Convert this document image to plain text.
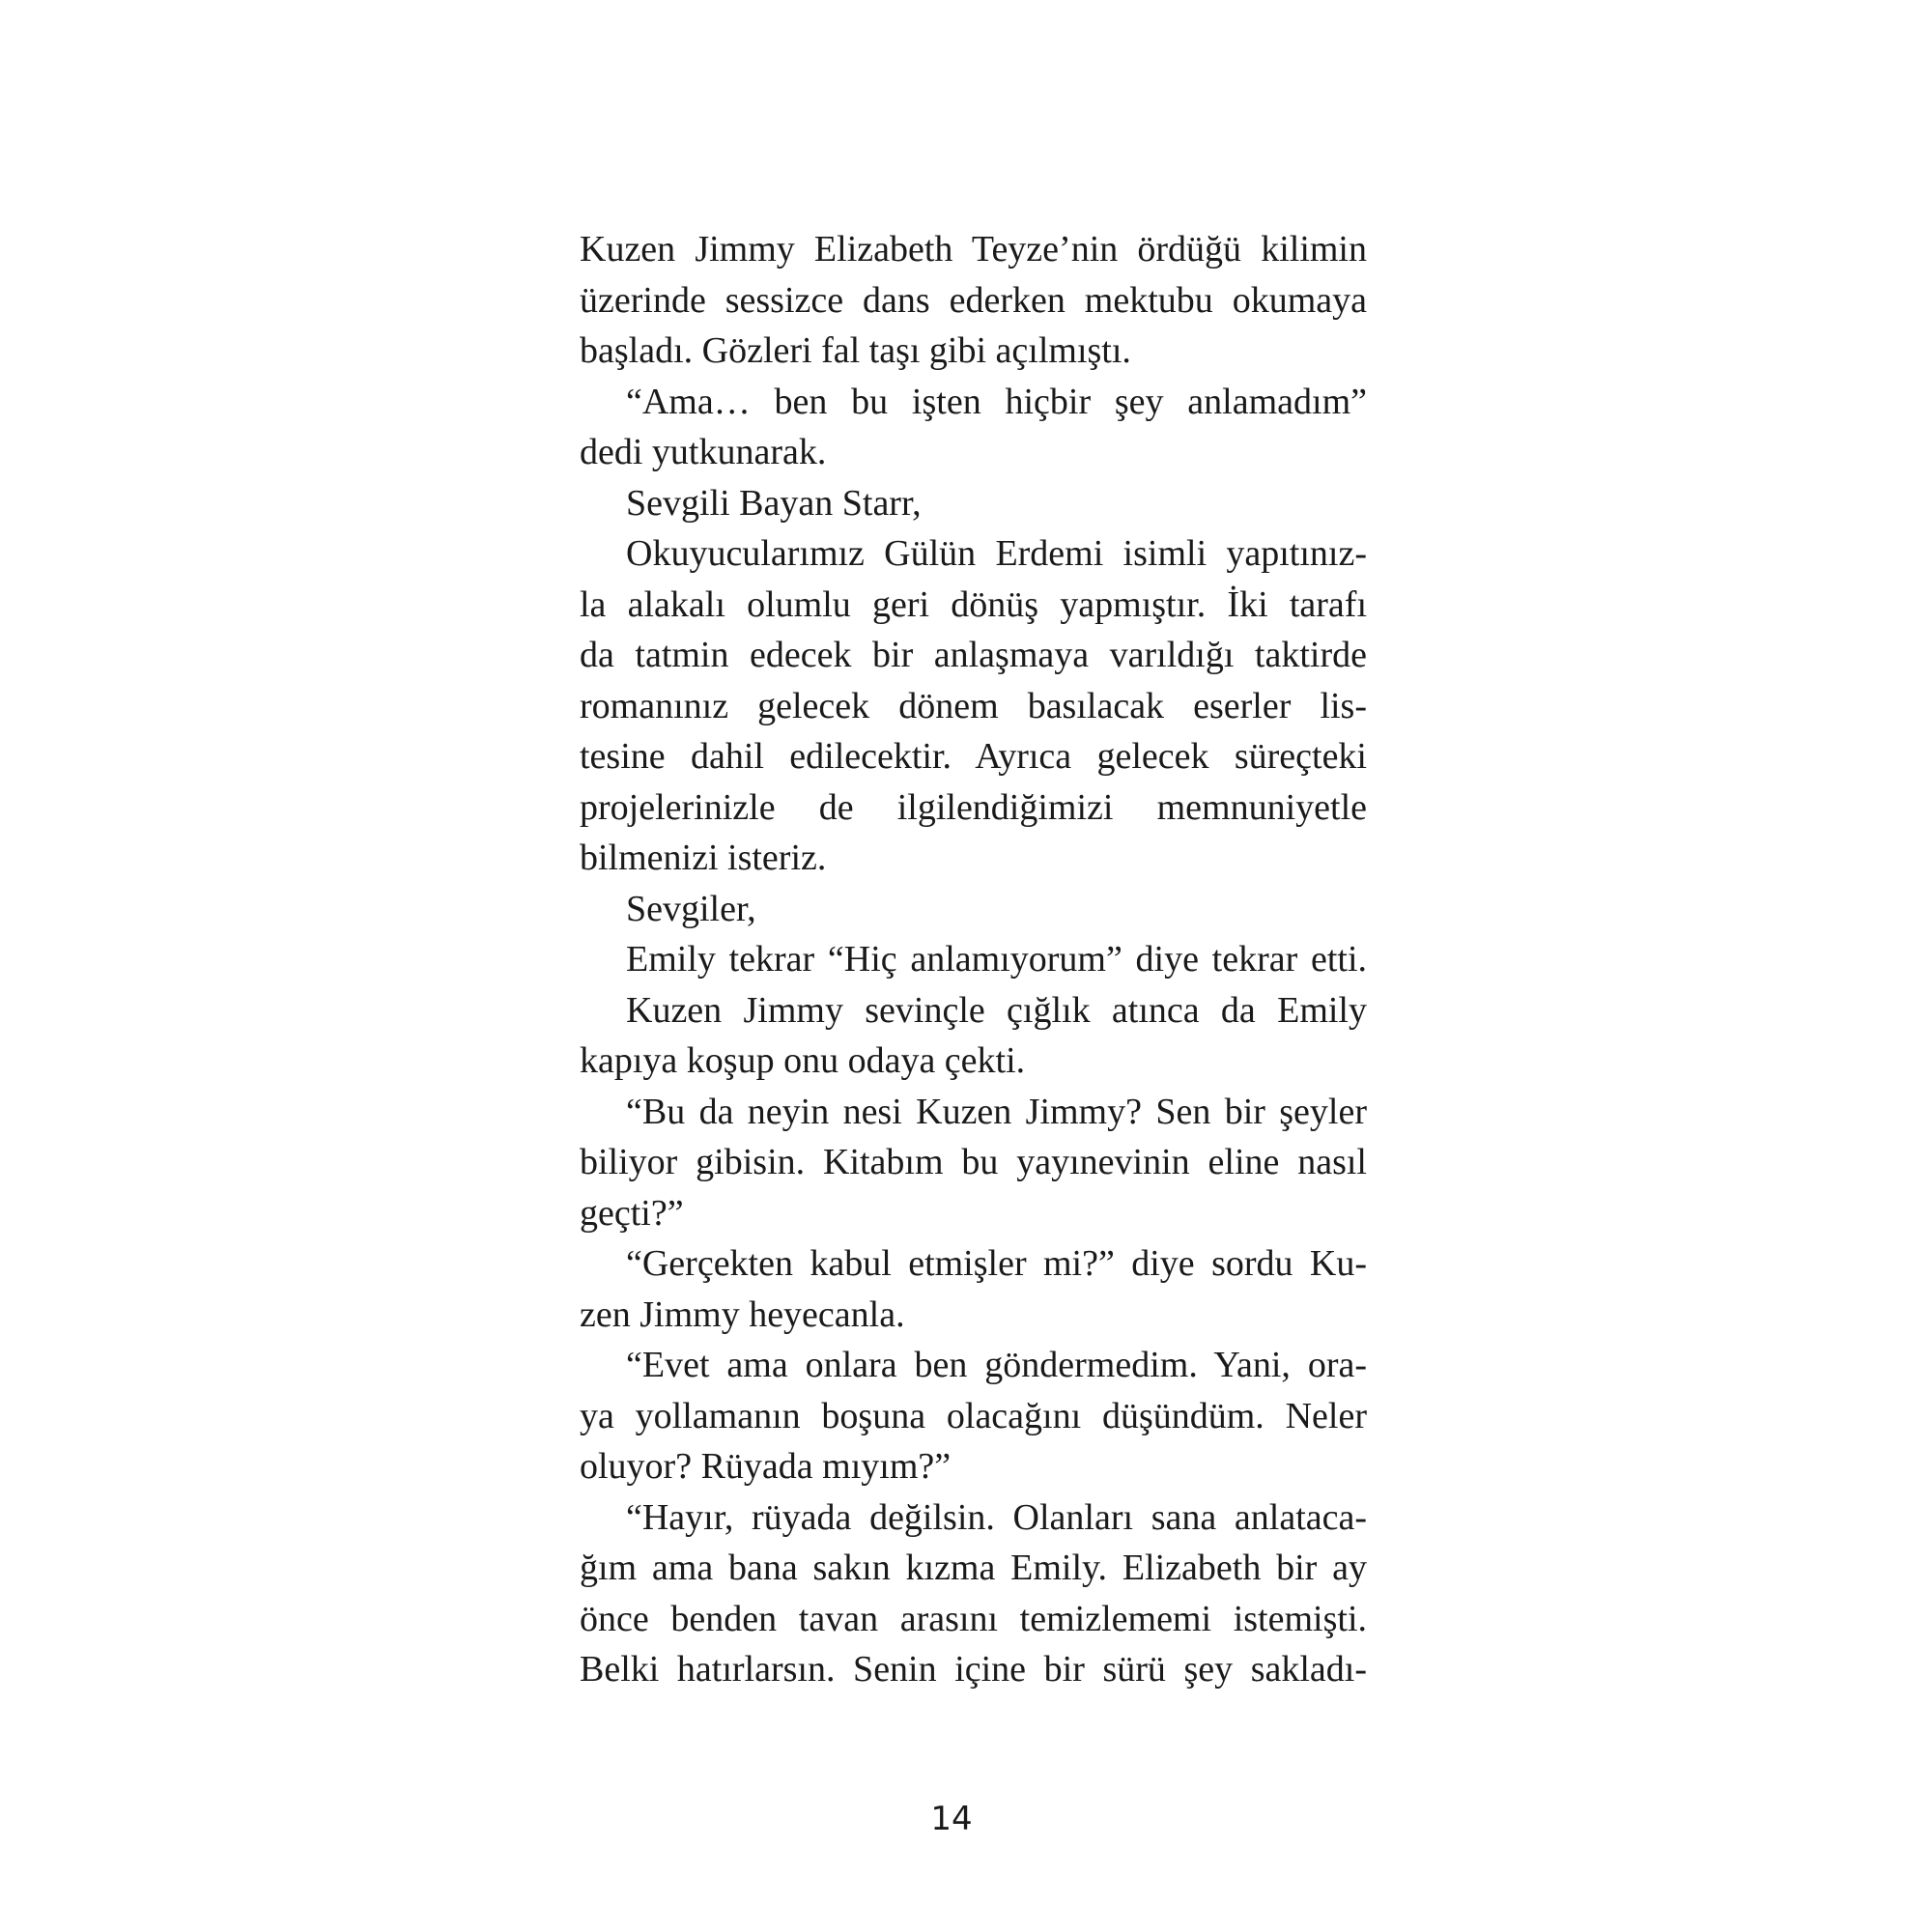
Kuzen Jimmy Elizabeth Teyze’nin ördüğü kilimin
üzerinde sessizce dans ederken mektubu okumaya
başladı. Gözleri fal taşı gibi açılmıştı.
“Ama… ben bu işten hiçbir şey anlamadım”
dedi yutkunarak.
Sevgili Bayan Starr,
Okuyucularımız Gülün Erdemi isimli yapıtınız-
la alakalı olumlu geri dönüş yapmıştır. İki tarafı
da tatmin edecek bir anlaşmaya varıldığı taktirde
romanınız gelecek dönem basılacak eserler lis-
tesine dahil edilecektir. Ayrıca gelecek süreçteki
projelerinizle de ilgilendiğimizi memnuniyetle
bilmenizi isteriz.
Sevgiler,
Emily tekrar “Hiç anlamıyorum” diye tekrar etti.
Kuzen Jimmy sevinçle çığlık atınca da Emily
kapıya koşup onu odaya çekti.
“Bu da neyin nesi Kuzen Jimmy? Sen bir şeyler
biliyor gibisin. Kitabım bu yayınevinin eline nasıl
geçti?”
“Gerçekten kabul etmişler mi?” diye sordu Ku-
zen Jimmy heyecanla.
“Evet ama onlara ben göndermedim. Yani, ora-
ya yollamanın boşuna olacağını düşündüm. Neler
oluyor? Rüyada mıyım?”
“Hayır, rüyada değilsin. Olanları sana anlataca-
ğım ama bana sakın kızma Emily. Elizabeth bir ay
önce benden tavan arasını temizlememi istemişti.
Belki hatırlarsın. Senin içine bir sürü şey sakladı-
14
